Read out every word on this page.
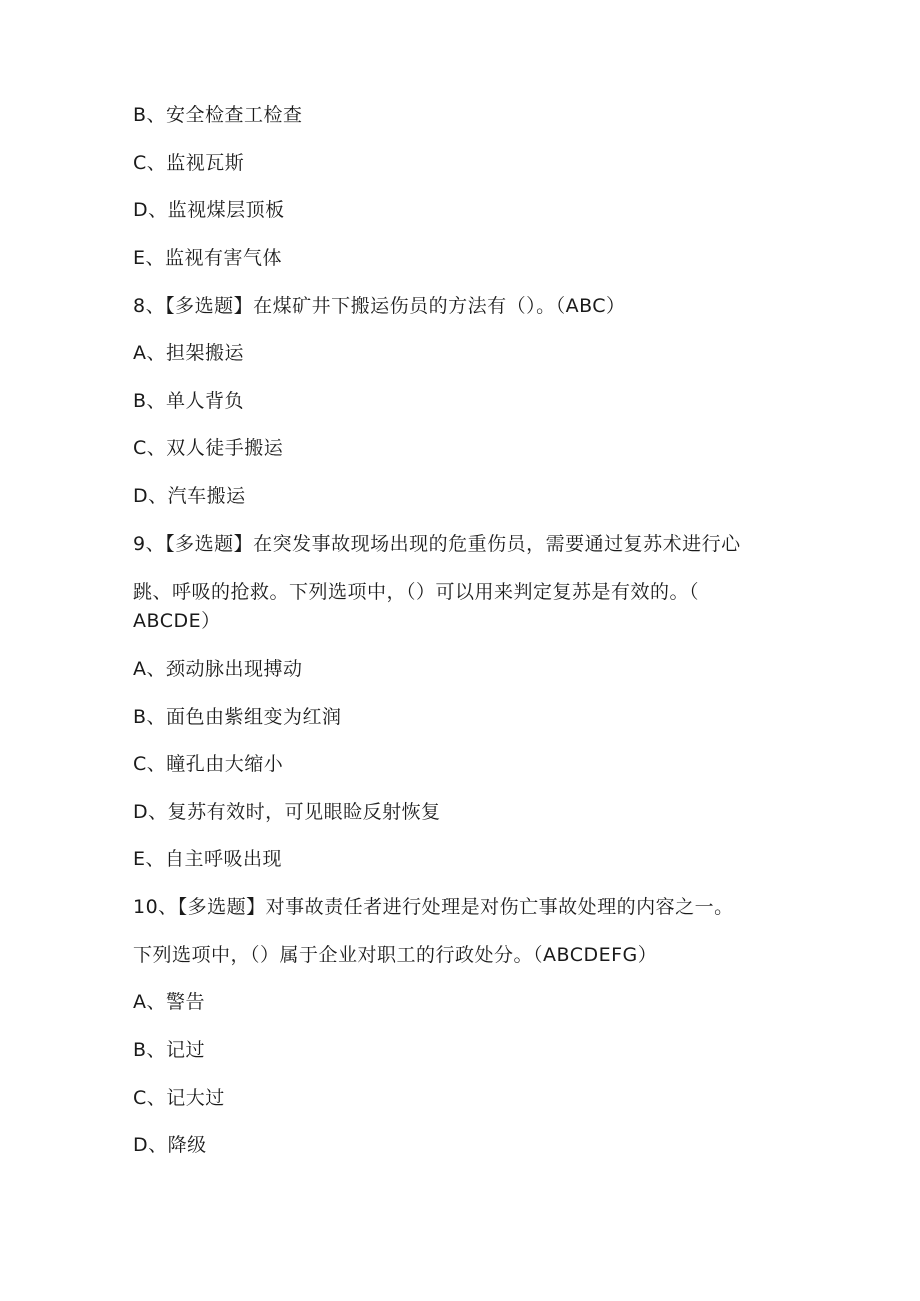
B、安全检查工检查
C、监视瓦斯
D、监视煤层顶板
E、监视有害气体
8、【多选题】在煤矿井下搬运伤员的方法有（）。（ABC）
A、担架搬运
B、单人背负
C、双人徒手搬运
D、汽车搬运
9、【多选题】在突发事故现场出现的危重伤员，需要通过复苏术进行心
跳、呼吸的抢救。下列选项中，（）可以用来判定复苏是有效的。（
ABCDE）
A、颈动脉出现搏动
B、面色由紫组变为红润
C、瞳孔由大缩小
D、复苏有效时，可见眼睑反射恢复
E、自主呼吸出现
10、【多选题】对事故责任者进行处理是对伤亡事故处理的内容之一。
下列选项中，（）属于企业对职工的行政处分。（ABCDEFG）
A、警告
B、记过
C、记大过
D、降级
